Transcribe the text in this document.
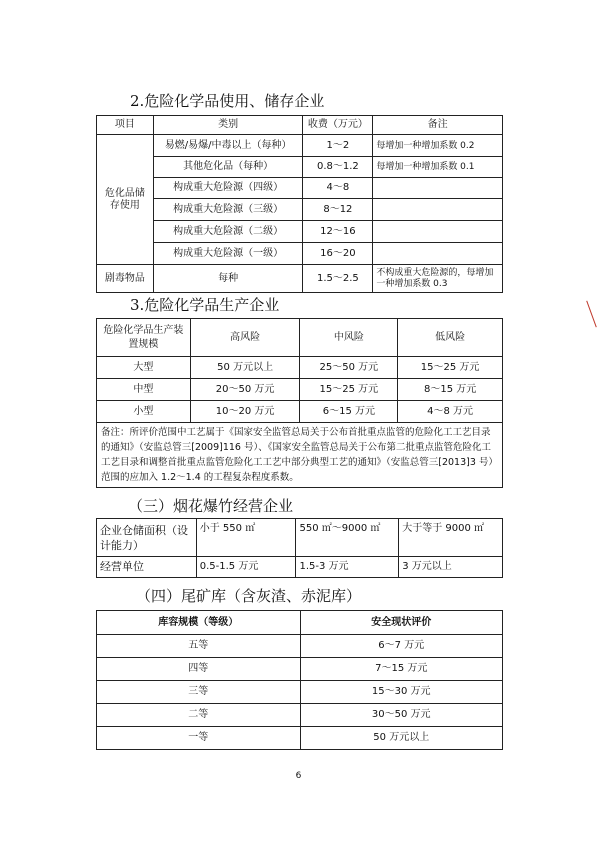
2.危险化学品使用、储存企业
项目	类别	收费（万元）	备注
危化品储存使用	易燃/易爆/中毒以上（每种）	1～2	每增加一种增加系数 0.2
	其他危化品（每种）	0.8～1.2	每增加一种增加系数 0.1
	构成重大危险源（四级）	4～8	
	构成重大危险源（三级）	8～12	
	构成重大危险源（二级）	12～16	
	构成重大危险源（一级）	16～20	
剧毒物品	每种	1.5～2.5	不构成重大危险源的，每增加一种增加系数 0.3
3.危险化学品生产企业
危险化学品生产装置规模	高风险	中风险	低风险
大型	50 万元以上	25～50 万元	15～25 万元
中型	20～50 万元	15～25 万元	8～15 万元
小型	10～20 万元	6～15 万元	4～8 万元
备注：所评价范围中工艺属于《国家安全监管总局关于公布首批重点监管的危险化工工艺目录的通知》（安监总管三[2009]116 号）、《国家安全监管总局关于公布第二批重点监管危险化工工艺目录和调整首批重点监管危险化工工艺中部分典型工艺的通知》（安监总管三[2013]3 号）范围的应加入 1.2～1.4 的工程复杂程度系数。			
（三）烟花爆竹经营企业
企业仓储面积（设计能力）	小于 550 ㎡	550 ㎡～9000 ㎡	大于等于 9000 ㎡
经营单位	0.5-1.5 万元	1.5-3 万元	3 万元以上
（四）尾矿库（含灰渣、赤泥库）
库容规模（等级）	安全现状评价
五等	6～7 万元
四等	7～15 万元
三等	15～30 万元
二等	30～50 万元
一等	50 万元以上
6
